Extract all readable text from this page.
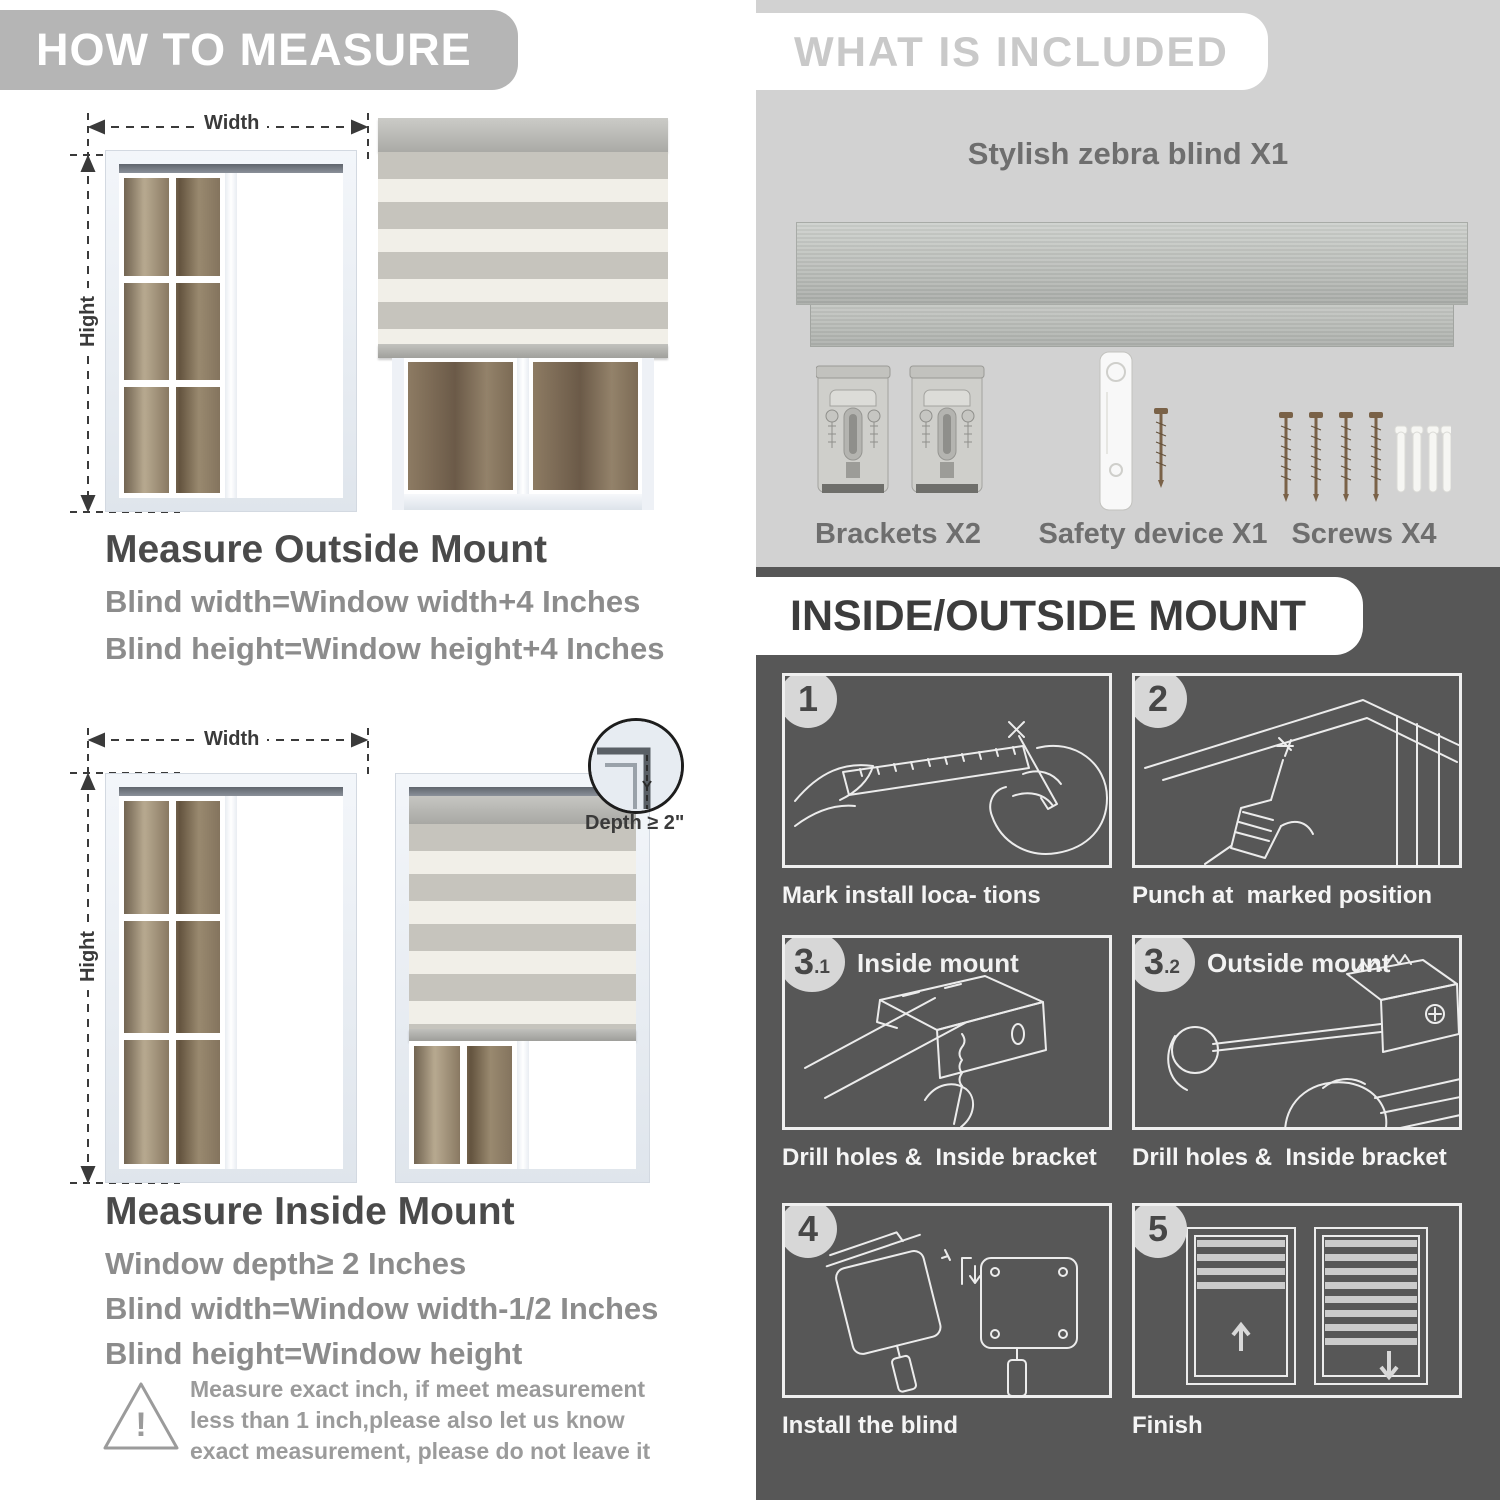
HOW TO MEASURE
Width
Hight
Measure Outside Mount
Blind width=Window width+4 Inches
Blind height=Window height+4 Inches
Width
Hight
Depth ≥ 2"
Measure Inside Mount
Window depth≥ 2 Inches
Blind width=Window width-1/2 Inches
Blind height=Window height
!
Measure exact inch, if meet measurement less than 1 inch,please also let us know exact measurement, please do not leave it
WHAT IS INCLUDED
Stylish zebra blind X1
Brackets X2	Safety device X1 Screws X4
INSIDE/OUTSIDE MOUNT
1
Mark install loca- tions
2
Punch at  marked position
3 .1 Inside mount
Drill holes &  Inside bracket
3 .2 Outside mount
Drill holes &  Inside bracket
4
Install the blind
5
Finish
